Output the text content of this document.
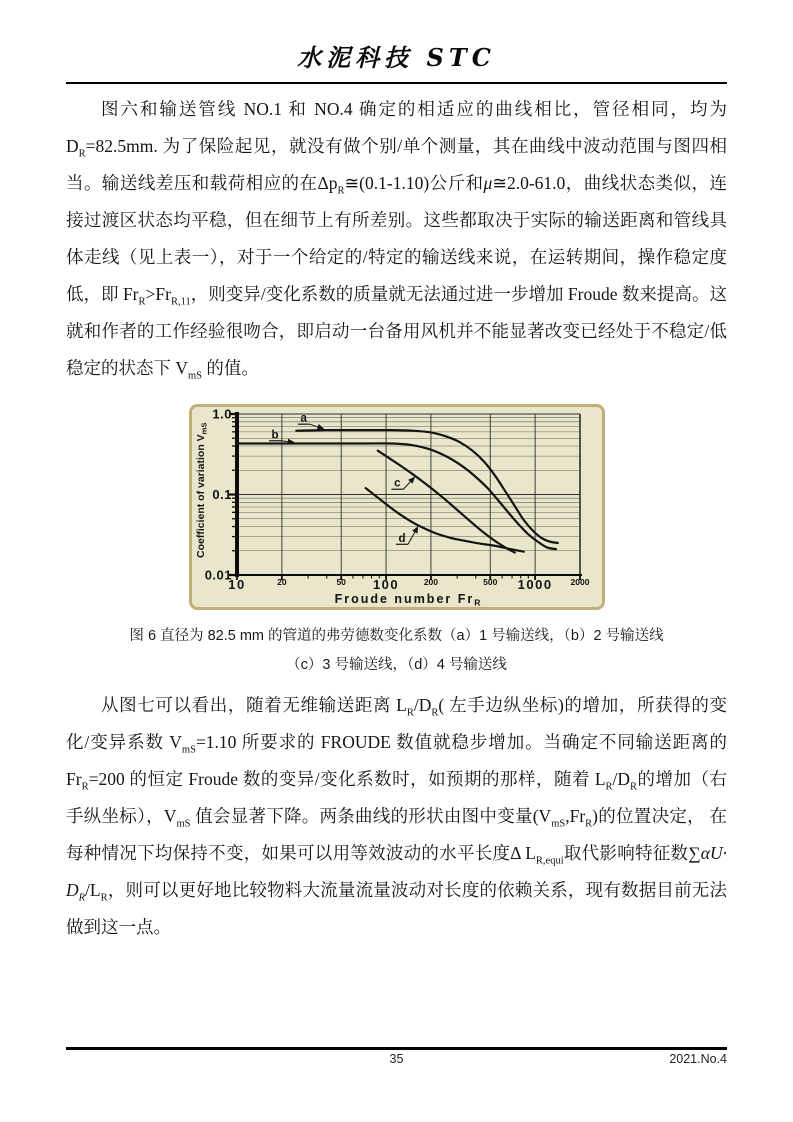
水泥科技 STC

图六和输送管线 NO.1 和 NO.4 确定的相适应的曲线相比，管径相同，均为$D_R=82.5mm$. 为了保险起见，就没有做个别/单个测量，其在曲线中波动范围与图四相当。输送线差压和载荷相应的在$\Delta p_R≅(0.1-1.10)$公斤和μ≅2.0-61.0，曲线状态类似，连接过渡区状态均平稳，但在细节上有所差别。这些都取决于实际的输送距离和管线具体走线（见上表一），对于一个给定的/特定的输送线来说，在运转期间，操作稳定度低，即 $Fr_R>Fr_{R,11}$，则变异/变化系数的质量就无法通过进一步增加 Froude 数来提高。这就和作者的工作经验很吻合，即启动一台备用风机并不能显著改变已经处于不稳定/低稳定的状态下 $V_{mS}$ 的值。

1.0
0.1
0.01
10	100	1000
20	50	200	500	2000
Froude number $Fr_R$
Coefficient of variation $V_{mS}$
a
b
c
d
图 6 直径为 82.5 mm 的管道的弗劳德数变化系数（a）1 号输送线，（b）2 号输送线
（c）3 号输送线，（d）4 号输送线

从图七可以看出，随着无维输送距离 $L_R/D_R$( 左手边纵坐标)的增加，所获得的变化/变异系数 $V_{mS}=1.10$ 所要求的 FROUDE 数值就稳步增加。当确定不同输送距离的 $Fr_R=200$ 的恒定 Froude 数的变异/变化系数时，如预期的那样，随着 $L_R/D_R$的增加（右手纵坐标），$V_{mS}$ 值会显著下降。两条曲线的形状由图中变量$(V_{mS},Fr_R)$的位置决定， 在每种情况下均保持不变，如果可以用等效波动的水平长度Δ $L_{R,equi}$取代影响特征数$\sum\alpha U\cdot D_R/L_R$，则可以更好地比较物料大流量流量波动对长度的依赖关系，现有数据目前无法做到这一点。

35	2021.No.4
